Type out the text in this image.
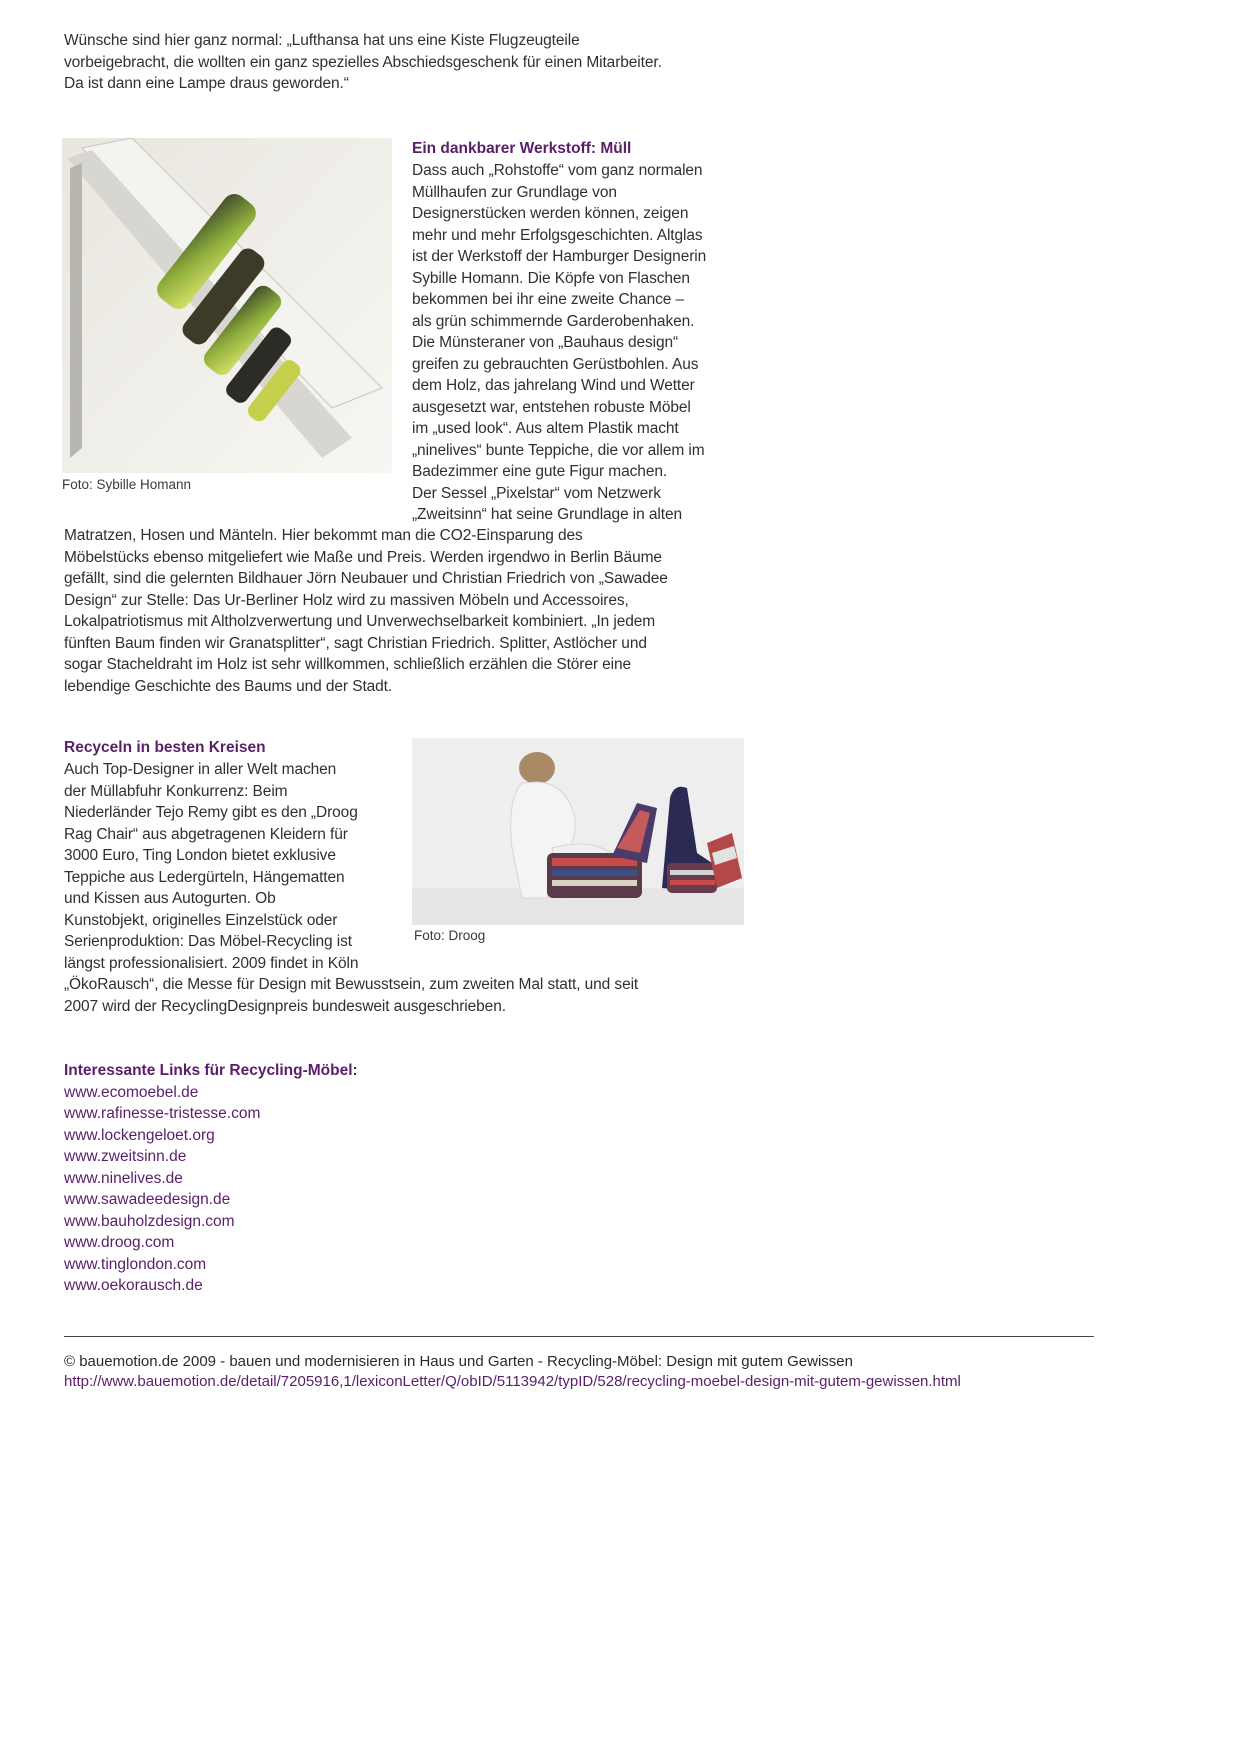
Wünsche sind hier ganz normal: „Lufthansa hat uns eine Kiste Flugzeugteile
vorbeigebracht, die wollten ein ganz spezielles Abschiedsgeschenk für einen Mitarbeiter.
Da ist dann eine Lampe draus geworden.“
Foto: Sybille Homann
Ein dankbarer Werkstoff: Müll
Dass auch „Rohstoffe“ vom ganz normalen
Müllhaufen zur Grundlage von
Designerstücken werden können, zeigen
mehr und mehr Erfolgsgeschichten. Altglas
ist der Werkstoff der Hamburger Designerin
Sybille Homann. Die Köpfe von Flaschen
bekommen bei ihr eine zweite Chance –
als grün schimmernde Garderobenhaken.
Die Münsteraner von „Bauhaus design“
greifen zu gebrauchten Gerüstbohlen. Aus
dem Holz, das jahrelang Wind und Wetter
ausgesetzt war, entstehen robuste Möbel
im „used look“. Aus altem Plastik macht
„ninelives“ bunte Teppiche, die vor allem im
Badezimmer eine gute Figur machen.
Der Sessel „Pixelstar“ vom Netzwerk
„Zweitsinn“ hat seine Grundlage in alten
Matratzen, Hosen und Mänteln. Hier bekommt man die CO2-Einsparung des
Möbelstücks ebenso mitgeliefert wie Maße und Preis. Werden irgendwo in Berlin Bäume
gefällt, sind die gelernten Bildhauer Jörn Neubauer und Christian Friedrich von „Sawadee
Design“ zur Stelle: Das Ur-Berliner Holz wird zu massiven Möbeln und Accessoires,
Lokalpatriotismus mit Altholzverwertung und Unverwechselbarkeit kombiniert. „In jedem
fünften Baum finden wir Granatsplitter“, sagt Christian Friedrich. Splitter, Astlöcher und
sogar Stacheldraht im Holz ist sehr willkommen, schließlich erzählen die Störer eine
lebendige Geschichte des Baums und der Stadt.
Recyceln in besten Kreisen
Auch Top-Designer in aller Welt machen
der Müllabfuhr Konkurrenz: Beim
Niederländer Tejo Remy gibt es den „Droog
Rag Chair“ aus abgetragenen Kleidern für
3000 Euro, Ting London bietet exklusive
Teppiche aus Ledergürteln, Hängematten
und Kissen aus Autogurten. Ob
Kunstobjekt, originelles Einzelstück oder
Serienproduktion: Das Möbel-Recycling ist
längst professionalisiert. 2009 findet in Köln
„ÖkoRausch“, die Messe für Design mit Bewusstsein, zum zweiten Mal statt, und seit
2007 wird der RecyclingDesignpreis bundesweit ausgeschrieben.
Foto: Droog
Interessante Links für Recycling-Möbel:
www.ecomoebel.de
www.rafinesse-tristesse.com
www.lockengeloet.org
www.zweitsinn.de
www.ninelives.de
www.sawadeedesign.de
www.bauholzdesign.com
www.droog.com
www.tinglondon.com
www.oekorausch.de
© bauemotion.de 2009 - bauen und modernisieren in Haus und Garten - Recycling-Möbel: Design mit gutem Gewissen
http://www.bauemotion.de/detail/7205916,1/lexiconLetter/Q/obID/5113942/typID/528/recycling-moebel-design-mit-gutem-gewissen.html
